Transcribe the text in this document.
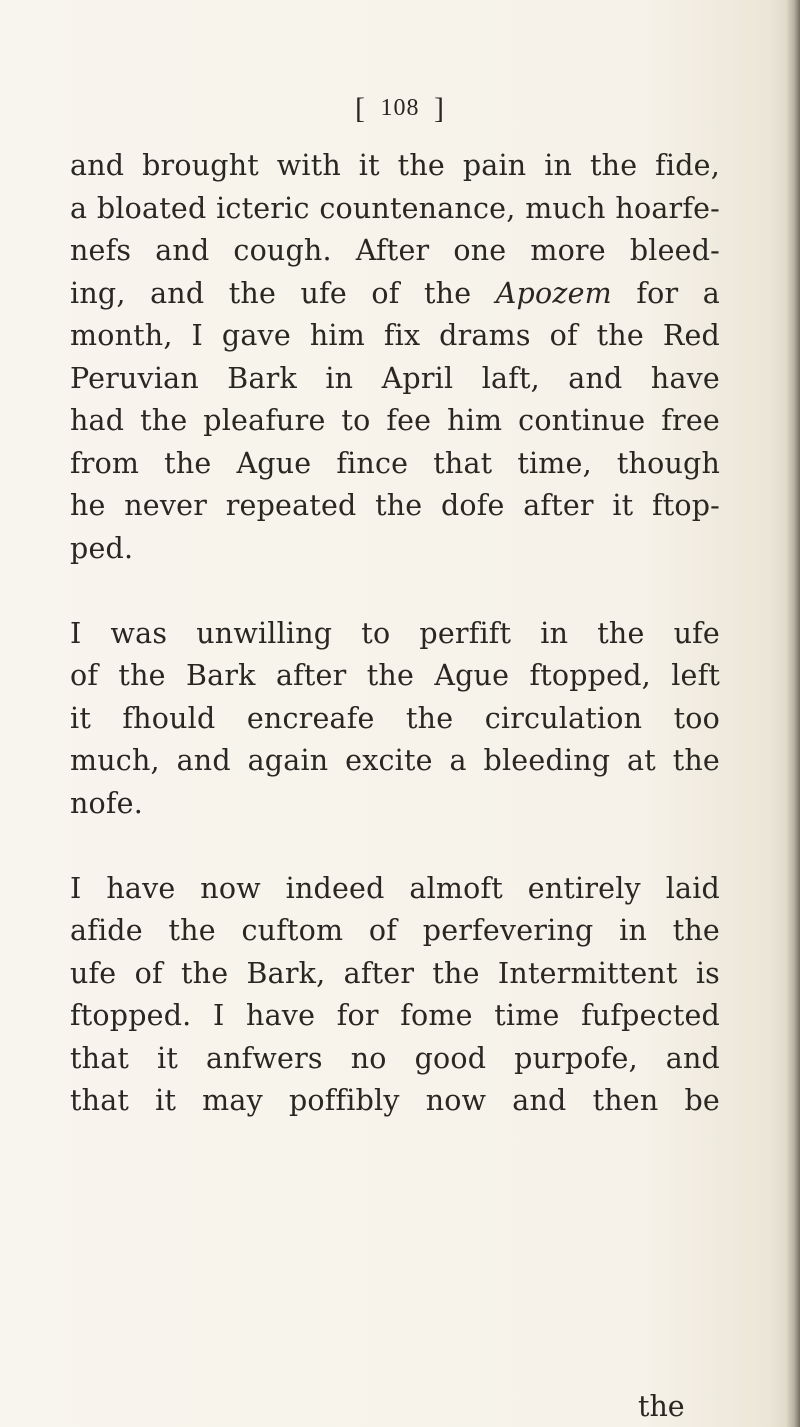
[ 108 ]
and brought with it the pain in the fide,
a bloated icteric countenance, much hoarfe-
nefs and cough. After one more bleed-
ing, and the ufe of the Apozem for a
month, I gave him fix drams of the Red
Peruvian Bark in April laft, and have
had the pleafure to fee him continue free
from the Ague fince that time, though
he never repeated the dofe after it ftop-
ped.
I was unwilling to perfift in the ufe
of the Bark after the Ague ftopped, left
it fhould encreafe the circulation too
much, and again excite a bleeding at the
nofe.
I have now indeed almoft entirely laid
afide the cuftom of perfevering in the
ufe of the Bark, after the Intermittent is
ftopped. I have for fome time fufpected
that it anfwers no good purpofe, and
that it may poffibly now and then be
the
